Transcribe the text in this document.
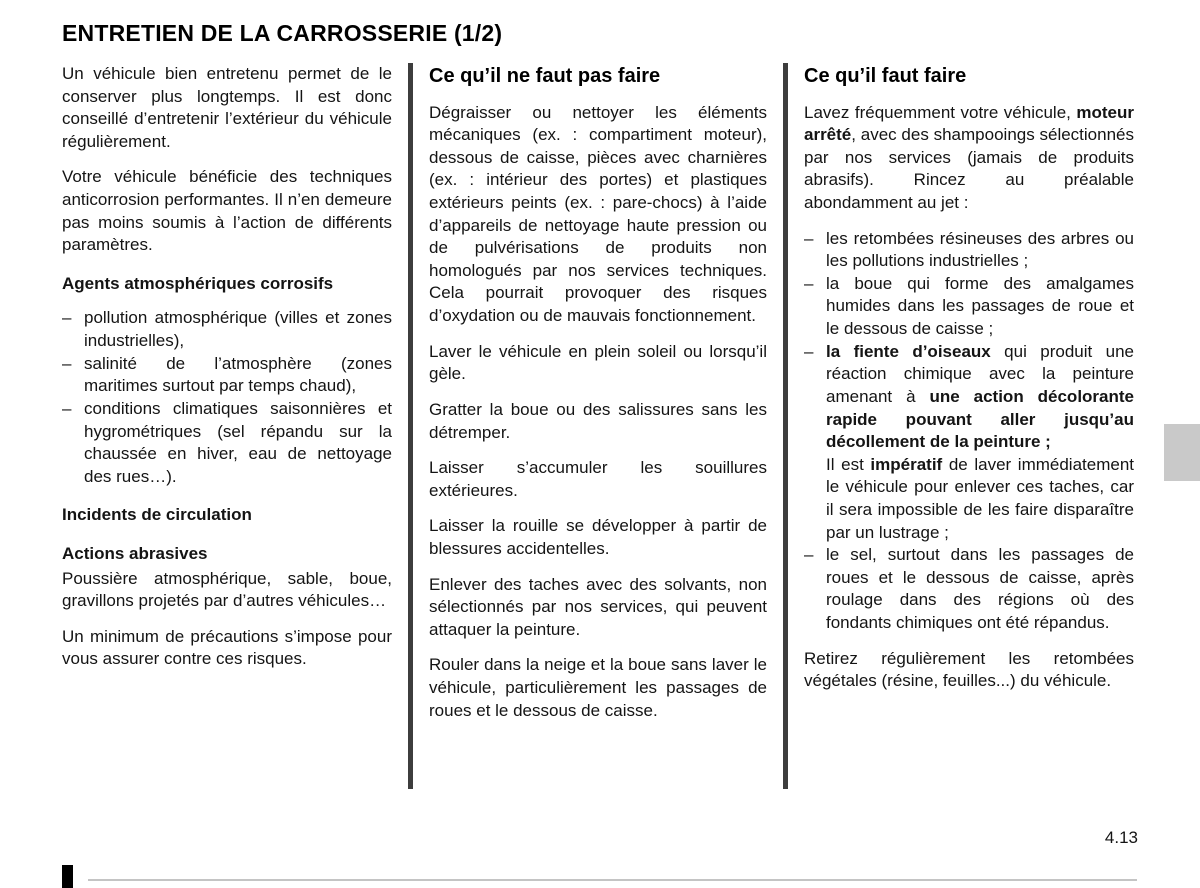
ENTRETIEN DE LA CARROSSERIE (1/2)

Un véhicule bien entretenu permet de le conserver plus longtemps. Il est donc conseillé d’entretenir l’extérieur du véhicule régulièrement.

Votre véhicule bénéficie des techniques anticorrosion performantes. Il n’en demeure pas moins soumis à l’action de différents paramètres.

Agents atmosphériques corrosifs

– pollution atmosphérique (villes et zones industrielles),
– salinité de l’atmosphère (zones maritimes surtout par temps chaud),
– conditions climatiques saisonnières et hygrométriques (sel répandu sur la chaussée en hiver, eau de nettoyage des rues…).

Incidents de circulation

Actions abrasives

Poussière atmosphérique, sable, boue, gravillons projetés par d’autres véhicules…

Un minimum de précautions s’impose pour vous assurer contre ces risques.

Ce qu’il ne faut pas faire

Dégraisser ou nettoyer les éléments mécaniques (ex. : compartiment moteur), dessous de caisse, pièces avec charnières (ex. : intérieur des portes) et plastiques extérieurs peints (ex. : pare-chocs) à l’aide d’appareils de nettoyage haute pression ou de pulvérisations de produits non homologués par nos services techniques. Cela pourrait provoquer des risques d’oxydation ou de mauvais fonctionnement.

Laver le véhicule en plein soleil ou lorsqu’il gèle.

Gratter la boue ou des salissures sans les détremper.

Laisser s’accumuler les souillures extérieures.

Laisser la rouille se développer à partir de blessures accidentelles.

Enlever des taches avec des solvants, non sélectionnés par nos services, qui peuvent attaquer la peinture.

Rouler dans la neige et la boue sans laver le véhicule, particulièrement les passages de roues et le dessous de caisse.

Ce qu’il faut faire

Lavez fréquemment votre véhicule, moteur arrêté, avec des shampooings sélectionnés par nos services (jamais de produits abrasifs). Rincez au préalable abondamment au jet :

– les retombées résineuses des arbres ou les pollutions industrielles ;
– la boue qui forme des amalgames humides dans les passages de roue et le dessous de caisse ;
– la fiente d’oiseaux qui produit une réaction chimique avec la peinture amenant à une action décolorante rapide pouvant aller jusqu’au décollement de la peinture ;
Il est impératif de laver immédiatement le véhicule pour enlever ces taches, car il sera impossible de les faire disparaître par un lustrage ;
– le sel, surtout dans les passages de roues et le dessous de caisse, après roulage dans des régions où des fondants chimiques ont été répandus.

Retirez régulièrement les retombées végétales (résine, feuilles...) du véhicule.

4.13
